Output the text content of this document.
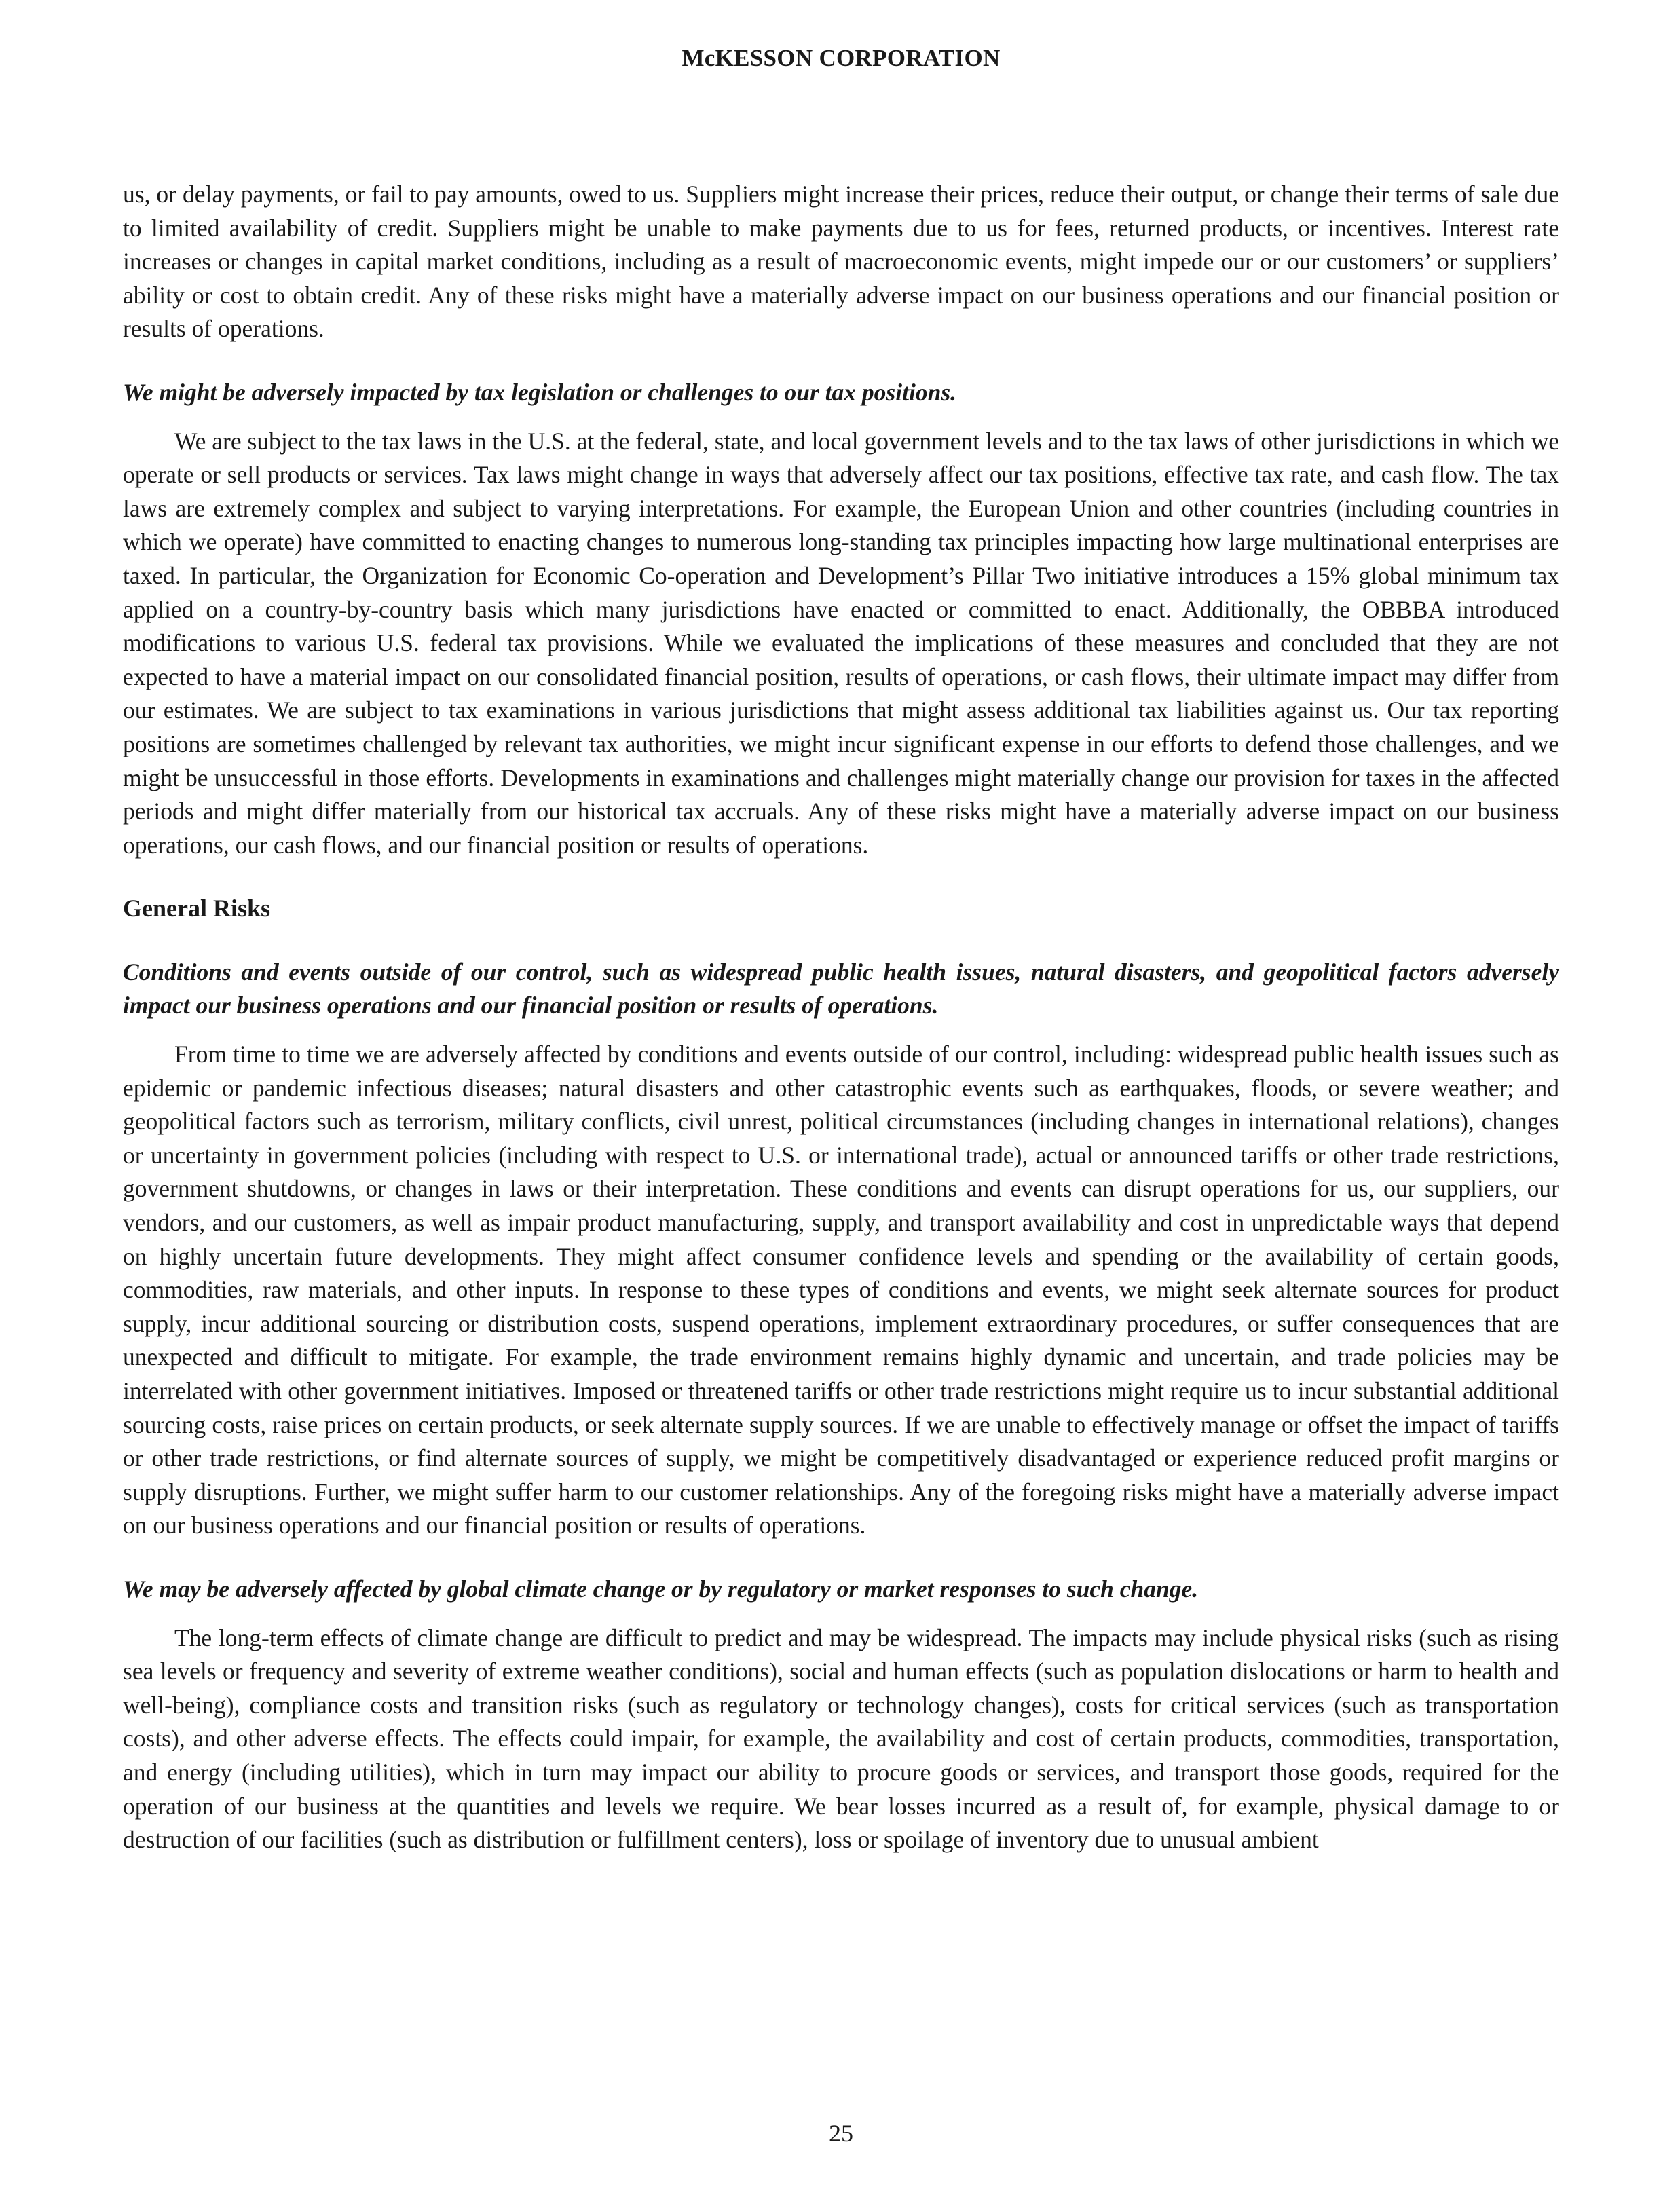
McKESSON CORPORATION

us, or delay payments, or fail to pay amounts, owed to us. Suppliers might increase their prices, reduce their output, or change their terms of sale due to limited availability of credit. Suppliers might be unable to make payments due to us for fees, returned products, or incentives. Interest rate increases or changes in capital market conditions, including as a result of macroeconomic events, might impede our or our customers’ or suppliers’ ability or cost to obtain credit. Any of these risks might have a materially adverse impact on our business operations and our financial position or results of operations.

We might be adversely impacted by tax legislation or challenges to our tax positions.

We are subject to the tax laws in the U.S. at the federal, state, and local government levels and to the tax laws of other jurisdictions in which we operate or sell products or services. Tax laws might change in ways that adversely affect our tax positions, effective tax rate, and cash flow. The tax laws are extremely complex and subject to varying interpretations. For example, the European Union and other countries (including countries in which we operate) have committed to enacting changes to numerous long-standing tax principles impacting how large multinational enterprises are taxed. In particular, the Organization for Economic Co-operation and Development’s Pillar Two initiative introduces a 15% global minimum tax applied on a country-by-country basis which many jurisdictions have enacted or committed to enact. Additionally, the OBBBA introduced modifications to various U.S. federal tax provisions. While we evaluated the implications of these measures and concluded that they are not expected to have a material impact on our consolidated financial position, results of operations, or cash flows, their ultimate impact may differ from our estimates. We are subject to tax examinations in various jurisdictions that might assess additional tax liabilities against us. Our tax reporting positions are sometimes challenged by relevant tax authorities, we might incur significant expense in our efforts to defend those challenges, and we might be unsuccessful in those efforts. Developments in examinations and challenges might materially change our provision for taxes in the affected periods and might differ materially from our historical tax accruals. Any of these risks might have a materially adverse impact on our business operations, our cash flows, and our financial position or results of operations.

General Risks

Conditions and events outside of our control, such as widespread public health issues, natural disasters, and geopolitical factors adversely impact our business operations and our financial position or results of operations.

From time to time we are adversely affected by conditions and events outside of our control, including: widespread public health issues such as epidemic or pandemic infectious diseases; natural disasters and other catastrophic events such as earthquakes, floods, or severe weather; and geopolitical factors such as terrorism, military conflicts, civil unrest, political circumstances (including changes in international relations), changes or uncertainty in government policies (including with respect to U.S. or international trade), actual or announced tariffs or other trade restrictions, government shutdowns, or changes in laws or their interpretation. These conditions and events can disrupt operations for us, our suppliers, our vendors, and our customers, as well as impair product manufacturing, supply, and transport availability and cost in unpredictable ways that depend on highly uncertain future developments. They might affect consumer confidence levels and spending or the availability of certain goods, commodities, raw materials, and other inputs. In response to these types of conditions and events, we might seek alternate sources for product supply, incur additional sourcing or distribution costs, suspend operations, implement extraordinary procedures, or suffer consequences that are unexpected and difficult to mitigate. For example, the trade environment remains highly dynamic and uncertain, and trade policies may be interrelated with other government initiatives. Imposed or threatened tariffs or other trade restrictions might require us to incur substantial additional sourcing costs, raise prices on certain products, or seek alternate supply sources. If we are unable to effectively manage or offset the impact of tariffs or other trade restrictions, or find alternate sources of supply, we might be competitively disadvantaged or experience reduced profit margins or supply disruptions. Further, we might suffer harm to our customer relationships. Any of the foregoing risks might have a materially adverse impact on our business operations and our financial position or results of operations.

We may be adversely affected by global climate change or by regulatory or market responses to such change.

The long-term effects of climate change are difficult to predict and may be widespread. The impacts may include physical risks (such as rising sea levels or frequency and severity of extreme weather conditions), social and human effects (such as population dislocations or harm to health and well-being), compliance costs and transition risks (such as regulatory or technology changes), costs for critical services (such as transportation costs), and other adverse effects. The effects could impair, for example, the availability and cost of certain products, commodities, transportation, and energy (including utilities), which in turn may impact our ability to procure goods or services, and transport those goods, required for the operation of our business at the quantities and levels we require. We bear losses incurred as a result of, for example, physical damage to or destruction of our facilities (such as distribution or fulfillment centers), loss or spoilage of inventory due to unusual ambient

25
